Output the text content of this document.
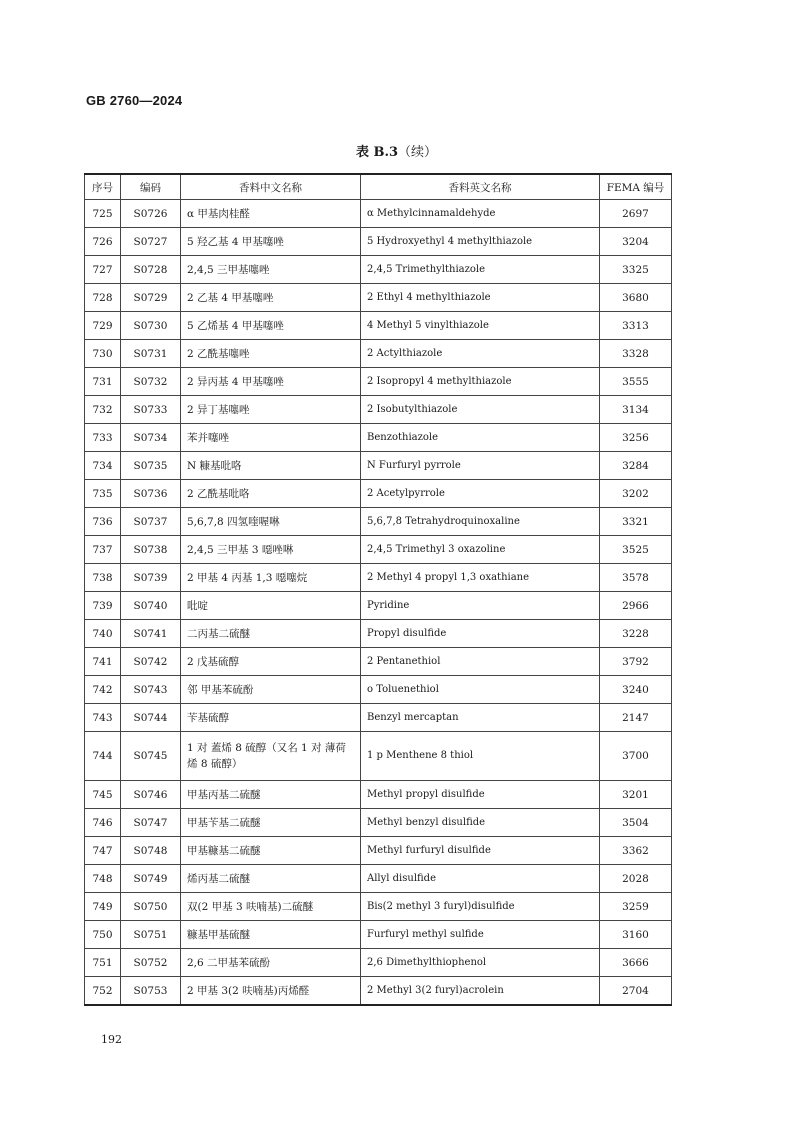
GB 2760—2024
表 B.3（续）
序号	编码	香料中文名称	香料英文名称	FEMA 编号
725	S0726	α 甲基肉桂醛	α Methylcinnamaldehyde	2697
726	S0727	5 羟乙基 4 甲基噻唑	5 Hydroxyethyl 4 methylthiazole	3204
727	S0728	2,4,5 三甲基噻唑	2,4,5 Trimethylthiazole	3325
728	S0729	2 乙基 4 甲基噻唑	2 Ethyl 4 methylthiazole	3680
729	S0730	5 乙烯基 4 甲基噻唑	4 Methyl 5 vinylthiazole	3313
730	S0731	2 乙酰基噻唑	2 Actylthiazole	3328
731	S0732	2 异丙基 4 甲基噻唑	2 Isopropyl 4 methylthiazole	3555
732	S0733	2 异丁基噻唑	2 Isobutylthiazole	3134
733	S0734	苯并噻唑	Benzothiazole	3256
734	S0735	N 糠基吡咯	N Furfuryl pyrrole	3284
735	S0736	2 乙酰基吡咯	2 Acetylpyrrole	3202
736	S0737	5,6,7,8 四氢喹喔啉	5,6,7,8 Tetrahydroquinoxaline	3321
737	S0738	2,4,5 三甲基 3 噁唑啉	2,4,5 Trimethyl 3 oxazoline	3525
738	S0739	2 甲基 4 丙基 1,3 噁噻烷	2 Methyl 4 propyl 1,3 oxathiane	3578
739	S0740	吡啶	Pyridine	2966
740	S0741	二丙基二硫醚	Propyl disulfide	3228
741	S0742	2 戊基硫醇	2 Pentanethiol	3792
742	S0743	邻 甲基苯硫酚	o Toluenethiol	3240
743	S0744	苄基硫醇	Benzyl mercaptan	2147
744	S0745	1 对 蓋烯 8 硫醇（又名 1 对 薄荷烯 8 硫醇）	1 p Menthene 8 thiol	3700
745	S0746	甲基丙基二硫醚	Methyl propyl disulfide	3201
746	S0747	甲基苄基二硫醚	Methyl benzyl disulfide	3504
747	S0748	甲基糠基二硫醚	Methyl furfuryl disulfide	3362
748	S0749	烯丙基二硫醚	Allyl disulfide	2028
749	S0750	双(2 甲基 3 呋喃基)二硫醚	Bis(2 methyl 3 furyl)disulfide	3259
750	S0751	糠基甲基硫醚	Furfuryl methyl sulfide	3160
751	S0752	2,6 二甲基苯硫酚	2,6 Dimethylthiophenol	3666
752	S0753	2 甲基 3(2 呋喃基)丙烯醛	2 Methyl 3(2 furyl)acrolein	2704
192
